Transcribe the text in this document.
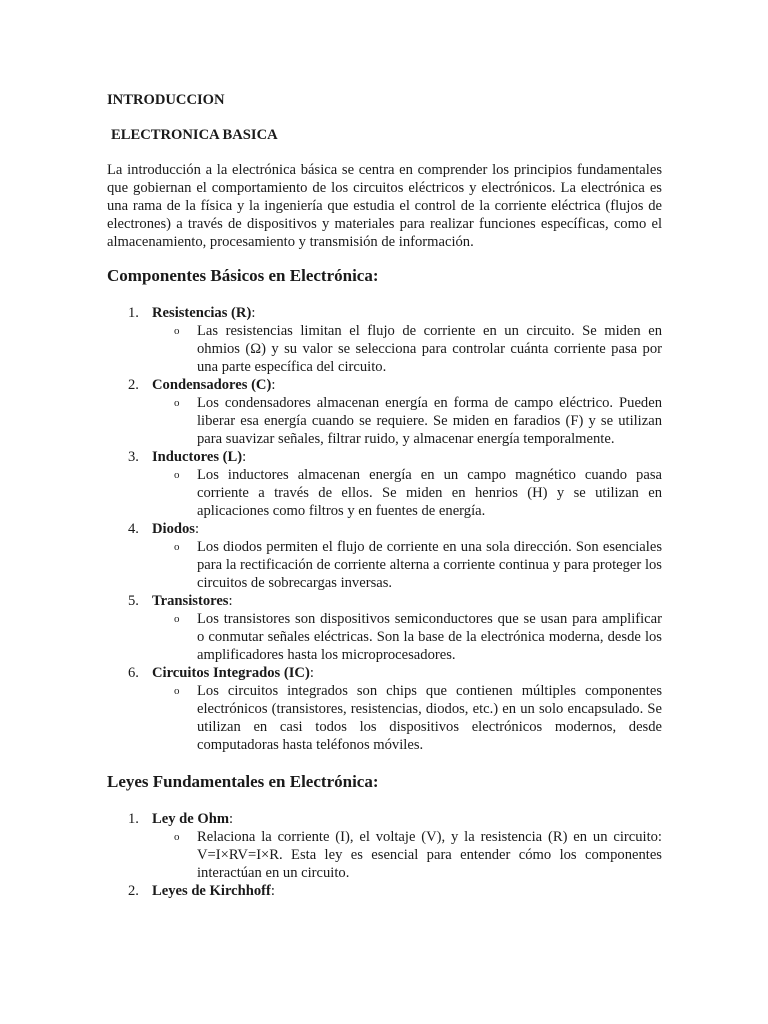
INTRODUCCION
ELECTRONICA BASICA

La introducción a la electrónica básica se centra en comprender los principios fundamentales que gobiernan el comportamiento de los circuitos eléctricos y electrónicos. La electrónica es una rama de la física y la ingeniería que estudia el control de la corriente eléctrica (flujos de electrones) a través de dispositivos y materiales para realizar funciones específicas, como el almacenamiento, procesamiento y transmisión de información.

Componentes Básicos en Electrónica:
1. Resistencias (R):
o Las resistencias limitan el flujo de corriente en un circuito. Se miden en ohmios (Ω) y su valor se selecciona para controlar cuánta corriente pasa por una parte específica del circuito.
2. Condensadores (C):
o Los condensadores almacenan energía en forma de campo eléctrico. Pueden liberar esa energía cuando se requiere. Se miden en faradios (F) y se utilizan para suavizar señales, filtrar ruido, y almacenar energía temporalmente.
3. Inductores (L):
o Los inductores almacenan energía en un campo magnético cuando pasa corriente a través de ellos. Se miden en henrios (H) y se utilizan en aplicaciones como filtros y en fuentes de energía.
4. Diodos:
o Los diodos permiten el flujo de corriente en una sola dirección. Son esenciales para la rectificación de corriente alterna a corriente continua y para proteger los circuitos de sobrecargas inversas.
5. Transistores:
o Los transistores son dispositivos semiconductores que se usan para amplificar o conmutar señales eléctricas. Son la base de la electrónica moderna, desde los amplificadores hasta los microprocesadores.
6. Circuitos Integrados (IC):
o Los circuitos integrados son chips que contienen múltiples componentes electrónicos (transistores, resistencias, diodos, etc.) en un solo encapsulado. Se utilizan en casi todos los dispositivos electrónicos modernos, desde computadoras hasta teléfonos móviles.
Leyes Fundamentales en Electrónica:
1. Ley de Ohm:
o Relaciona la corriente (I), el voltaje (V), y la resistencia (R) en un circuito: V=I×RV=I×R. Esta ley es esencial para entender cómo los componentes interactúan en un circuito.
2. Leyes de Kirchhoff:
